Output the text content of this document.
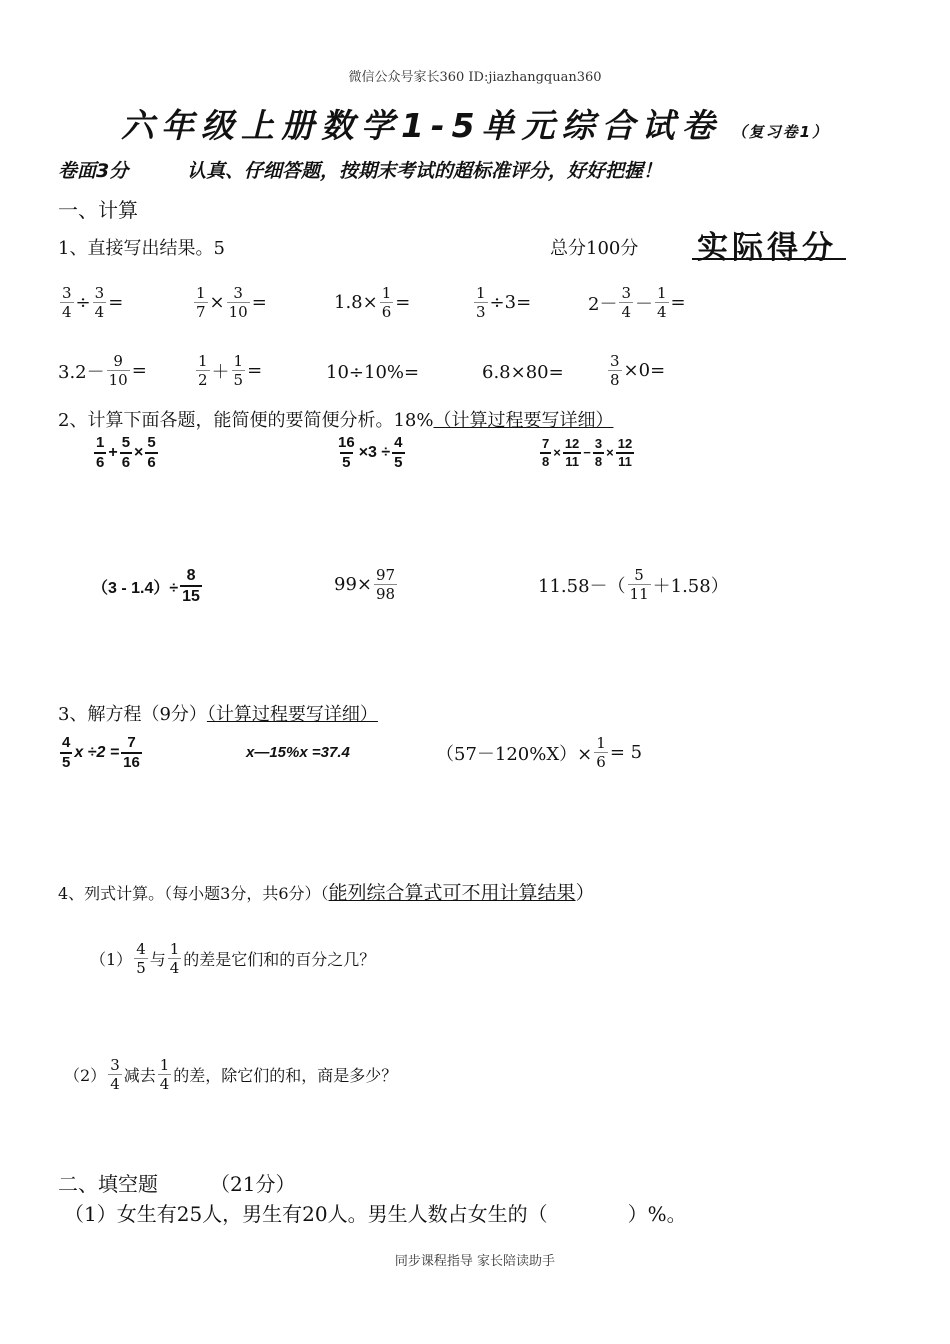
微信公众号家长360 ID:jiazhangquan360
六年级上册数学1-5单元综合试卷 （复习卷1）
卷面3分	认真、仔细答题，按期末考试的超标准评分，好好把握！
一、计算
1、直接写出结果。5	总分100分 实际得分
$\frac{3}{4} \div \frac{3}{4}$ =	$\frac{1}{7} \times \frac{3}{10}$ =	$1.8\times \frac{1}{6}$ =	$\frac{1}{3} \div 3=$	$2- \frac{3}{4} - \frac{1}{4}$ =
$3.2- \frac{9}{10}$ =	$\frac{1}{2} + \frac{1}{5}$ =	10÷10%=	6.8×80=	$\frac{3}{8} \times 0=$
2、计算下面各题，能简便的要简便分析。18%（计算过程要写详细）
$\frac{1}{6} + \frac{5}{6} \times \frac{5}{6}$	$\frac{16}{5} \times 3 \div \frac{4}{5}$	$\frac{7}{8} \times \frac{12}{11} - \frac{3}{8} \times \frac{12}{11}$
$(3 - 1.4)\div \frac{8}{15}$	$99\times \frac{97}{98}$	$11.58-( \frac{5}{11} +1.58)$
3、解方程（9分）（计算过程要写详细）
$\frac{4}{5}$ $x \div 2 = \frac{7}{16}$	x—15%x =37.4	$(57-120\%X)\times \frac{1}{6} = 5$
4、列式计算。（每小题3分，共6分）（能列综合算式可不用计算结果）
$(1) \frac{4}{5}$ 与 $\frac{1}{4}$ 的差是它们和的百分之几？
$(2) \frac{3}{4}$ 减去 $\frac{1}{4}$ 的差，除它们的和，商是多少？
二、填空题	（21分）
（1）女生有25人，男生有20人。男生人数占女生的（	）%。
同步课程指导 家长陪读助手
